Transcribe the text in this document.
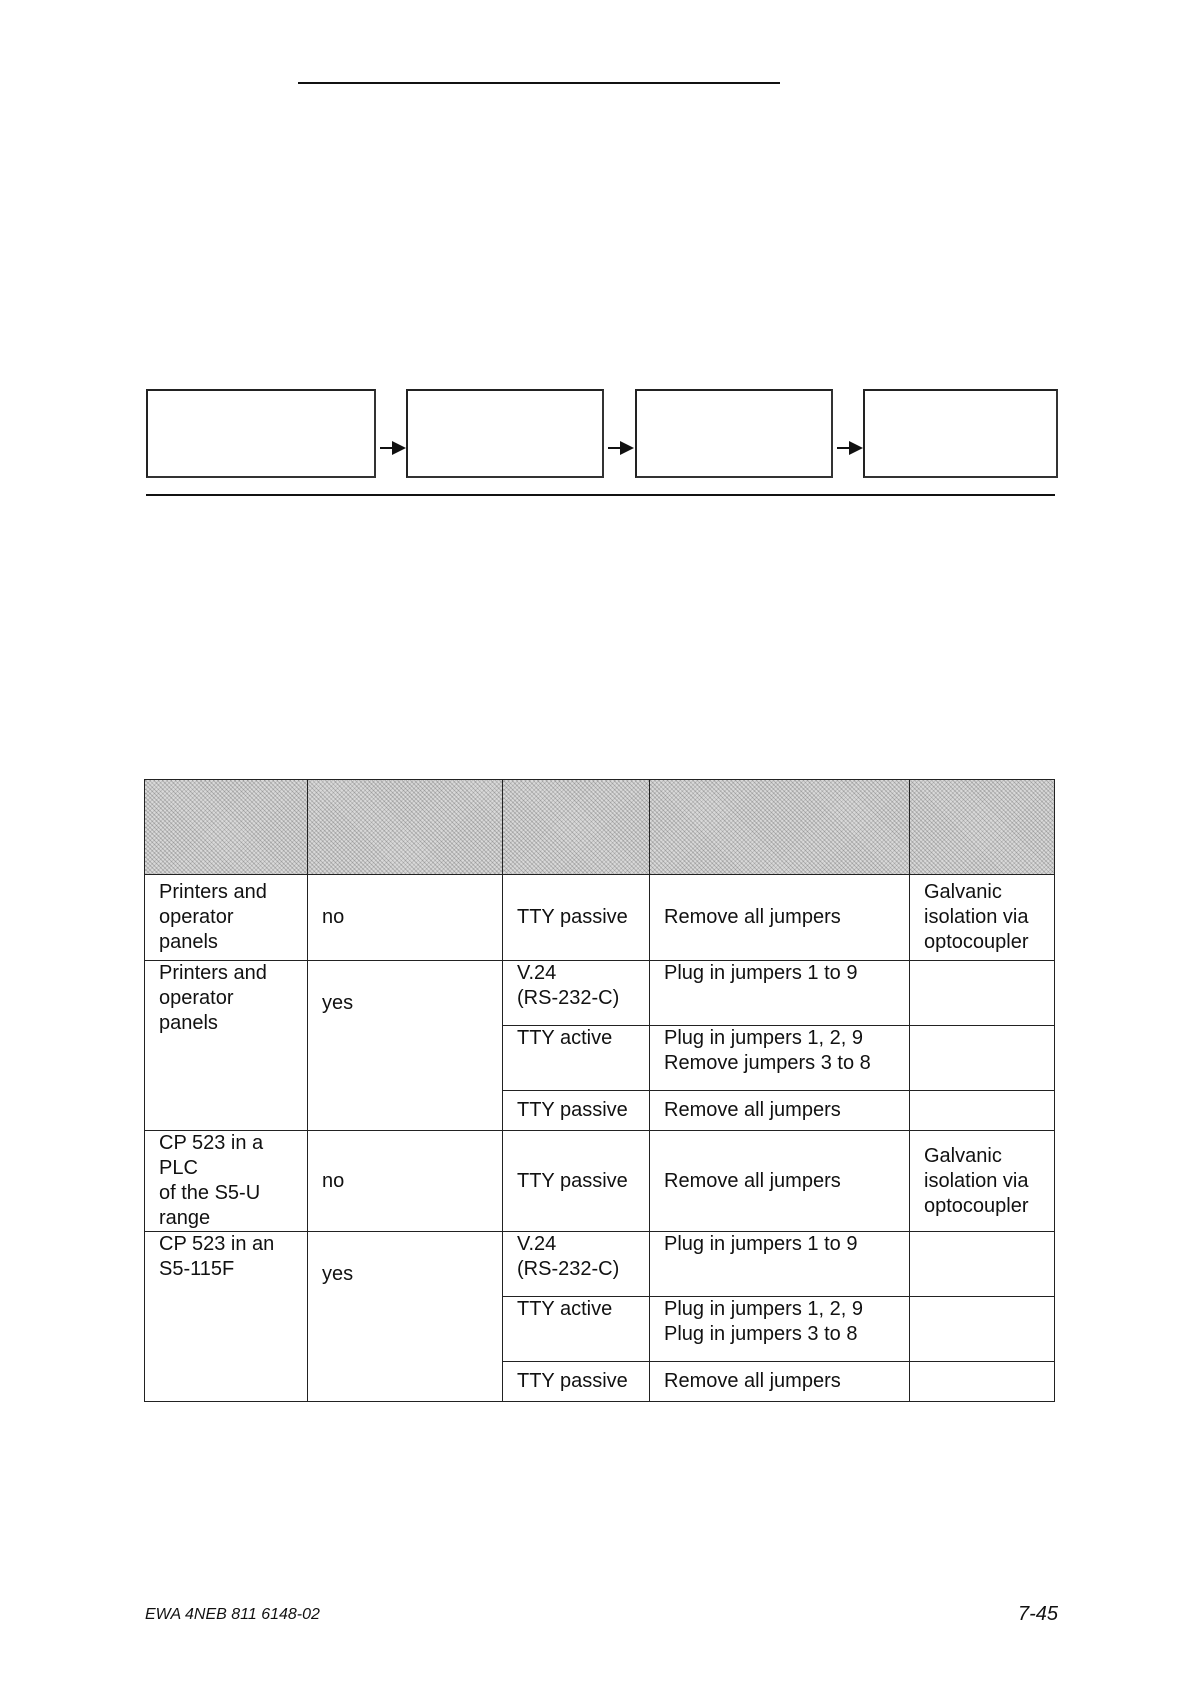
Printers and
operator
panels	no	TTY passive	Remove all jumpers	Galvanic
isolation via
optocoupler

Printers and
operator
panels	yes	V.24
(RS-232-C)	Plug in jumpers 1 to 9	

		TTY active	Plug in jumpers 1, 2, 9
Remove jumpers 3 to 8	

		TTY passive	Remove all jumpers	

CP 523 in a PLC
of the S5-U
range	no	TTY passive	Remove all jumpers	Galvanic
isolation via
optocoupler

CP 523 in an
S5-115F	yes	V.24
(RS-232-C)	Plug in jumpers 1 to 9	

		TTY active	Plug in jumpers 1, 2, 9
Plug in jumpers 3 to 8	

		TTY passive	Remove all jumpers	

EWA 4NEB 811 6148-02	7-45
